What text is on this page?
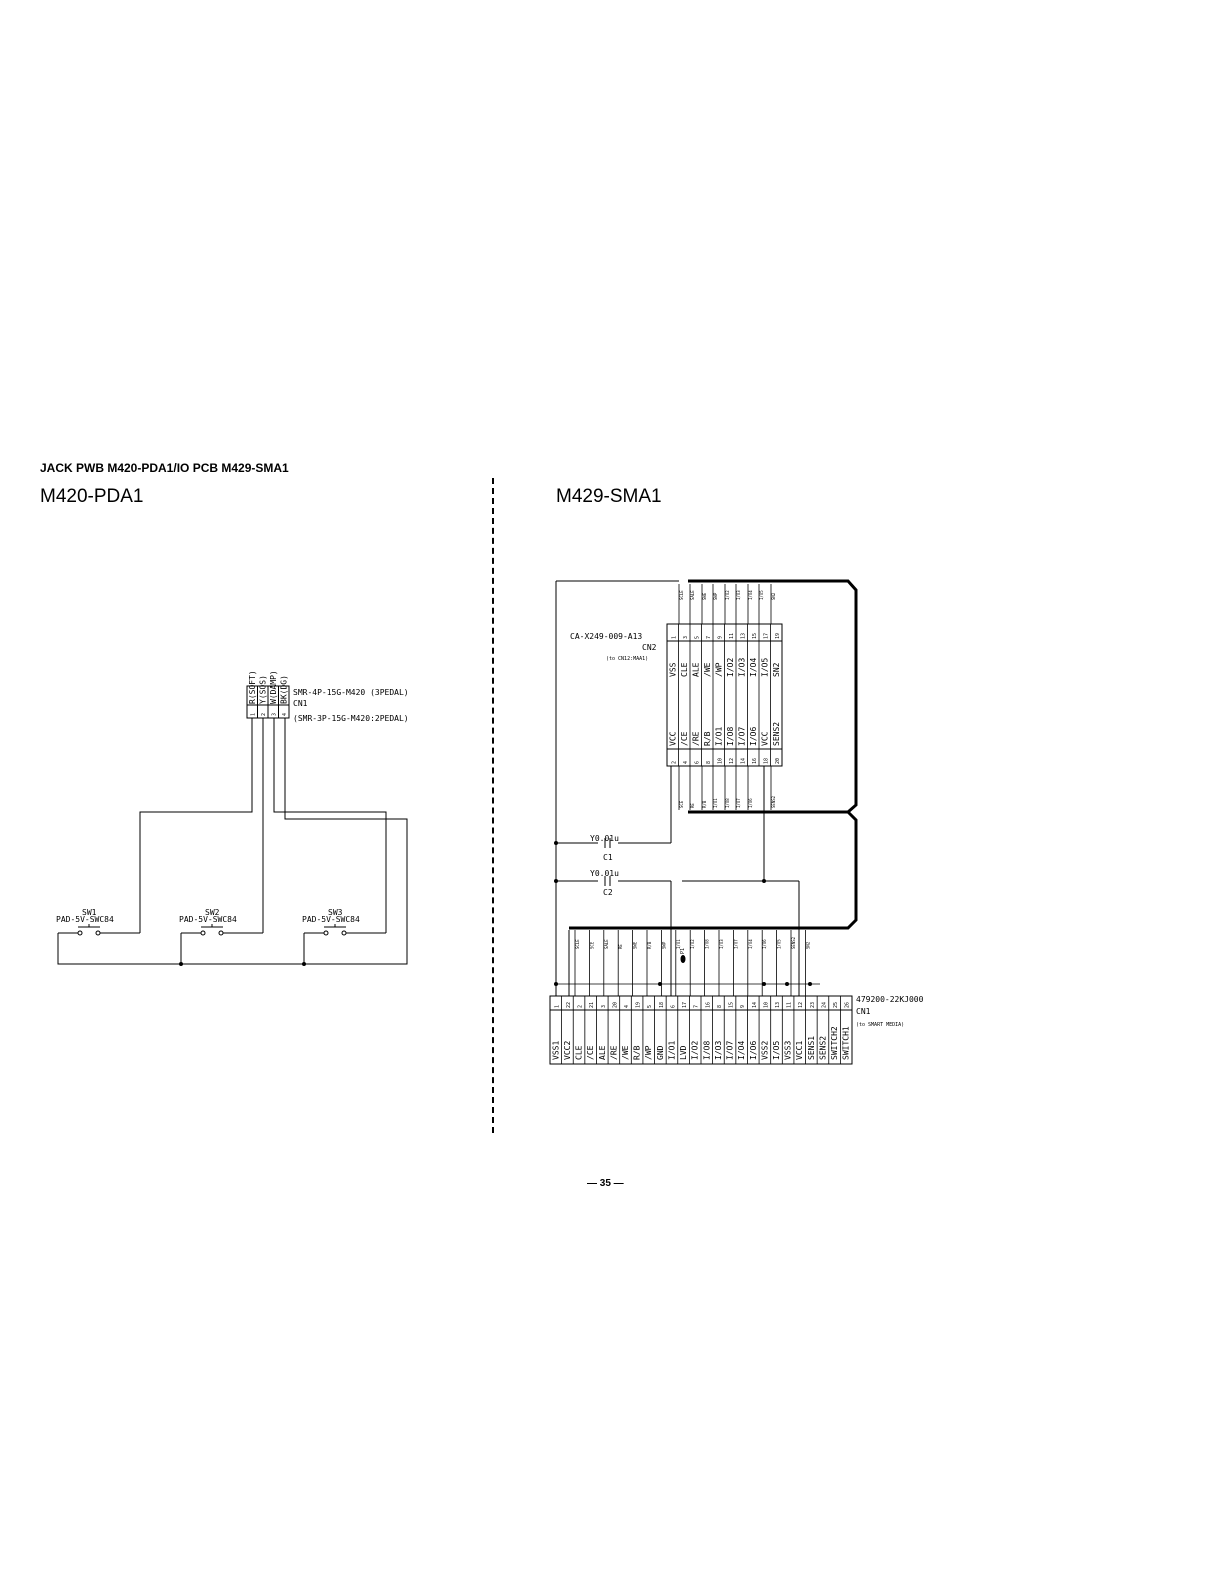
JACK PWB M420-PDA1/IO PCB M429-SMA1
M420-PDA1	M429-SMA1
— 35 —
R(SOFT) Y(SOS) W(DAMP) BK(DG)
1 2 3 4
SMR-4P-15G-M420 (3PEDAL)
CN1
(SMR-3P-15G-M420:2PEDAL)
SW1
PAD-5V-SWC84
SW2
PAD-5V-SWC84
SW3
PAD-5V-SWC84
1
VSS
VCC
2
3
CLE
/CE
4
5
ALE
/RE
6
7
/WE
R/B
8
9
/WP
I/O1
10
11
I/O2
I/O8
12
13
I/O3
I/O7
14
15
I/O4
I/O6
16
17
I/O5
VCC
18
19
SN2
SENS2
20
SCLE SALE SWE SWP I/O2 I/O3 I/O4 I/O5 SN2
SCE RE R/B I/O1 I/O8 I/O7 I/O6	SENS2
1
VSS1
22
VCC2
2
CLE
21
/CE
3
ALE
20
/RE
4
/WE
19
R/B
5
/WP
18
GND
6
I/O1
17
LVD
7
I/O2
16
I/O8
8
I/O3
15
I/O7
9
I/O4
14
I/O6
10
VSS2
13
I/O5
11
VSS3
12
VCC1
23
SENS1
24
SENS2
25
SWITCH2
26
SWITCH1
SCLE SCE SALE RE SWE R/B SWP I/O1 I/O2 I/O8 I/O3 I/O7 I/O4 I/O6 I/O5 SENS2 SN2
CA-X249-009-A13
CN2
(to CN12:MAA1)
Y0.01u
C1
Y0.01u
C2
P1
479200-22KJ000
CN1
(to SMART MEDIA)
